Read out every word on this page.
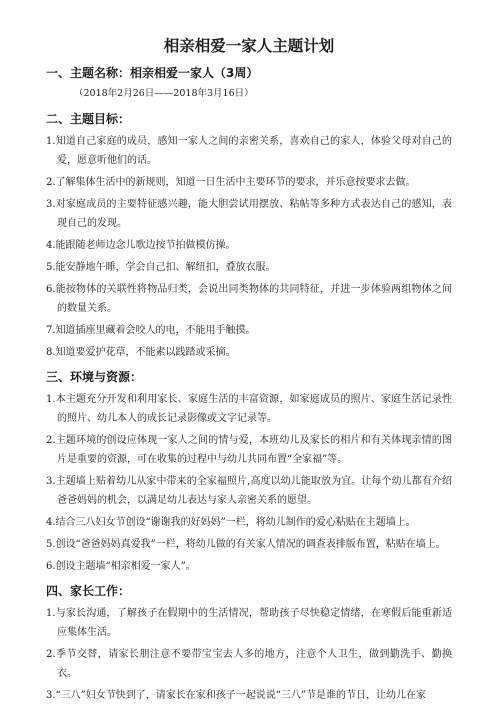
相亲相爱一家人主题计划
一、主题名称：相亲相爱一家人（3周）
（2018年2月26日——2018年3月16日）
二、主题目标：
1.知道自己家庭的成员，感知一家人之间的亲密关系，喜欢自己的家人，体验父母对自己的爱，愿意听他们的话。
2.了解集体生活中的新规则，知道一日生活中主要环节的要求，并乐意按要求去做。
3.对家庭成员的主要特征感兴趣，能大胆尝试用摆放、粘帖等多种方式表达自己的感知，表现自己的发现。
4.能跟随老师边念儿歌边按节拍做模仿操。
5.能安静地午睡，学会自己扣、解纽扣，叠放衣服。
6.能按物体的关联性将物品归类，会说出同类物体的共同特征，并进一步体验两组物体之间的数量关系。
7.知道插座里藏着会咬人的电，不能用手触摸。
8.知道要爱护花草，不能素以践踏或采摘。
三、环境与资源：
1.本主题充分开发和利用家长、家庭生活的丰富资源，如家庭成员的照片、家庭生活记录性的照片、幼儿本人的成长记录影像或文字记录等。
2.主题环境的创设应体现一家人之间的情与爱，本班幼儿及家长的相片和有关体现亲情的图片是重要的资源，可在收集的过程中与幼儿共同布置“全家福”等。
3.主题墙上贴着幼儿从家中带来的全家福照片,高度以幼儿能取放为宜。让每个幼儿都有介绍爸爸妈妈的机会，以满足幼儿表达与家人亲密关系的愿望。
4.结合三八妇女节创设“谢谢我的好妈妈”一栏，将幼儿制作的爱心粘贴在主题墙上。
5.创设“爸爸妈妈真爱我”一栏，将幼儿做的有关家人情况的调查表排版布置，粘贴在墙上。
6.创设主题墙“相亲相爱一家人”。
四、家长工作：
1.与家长沟通，了解孩子在假期中的生活情况，帮助孩子尽快稳定情绪，在寒假后能重新适应集体生活。
2.季节交替，请家长朋注意不要带宝宝去人多的地方，注意个人卫生，做到勤洗手、勤换衣。
3.“三八”妇女节快到了，请家长在家和孩子一起说说“三八”节是谁的节日，让幼儿在家
